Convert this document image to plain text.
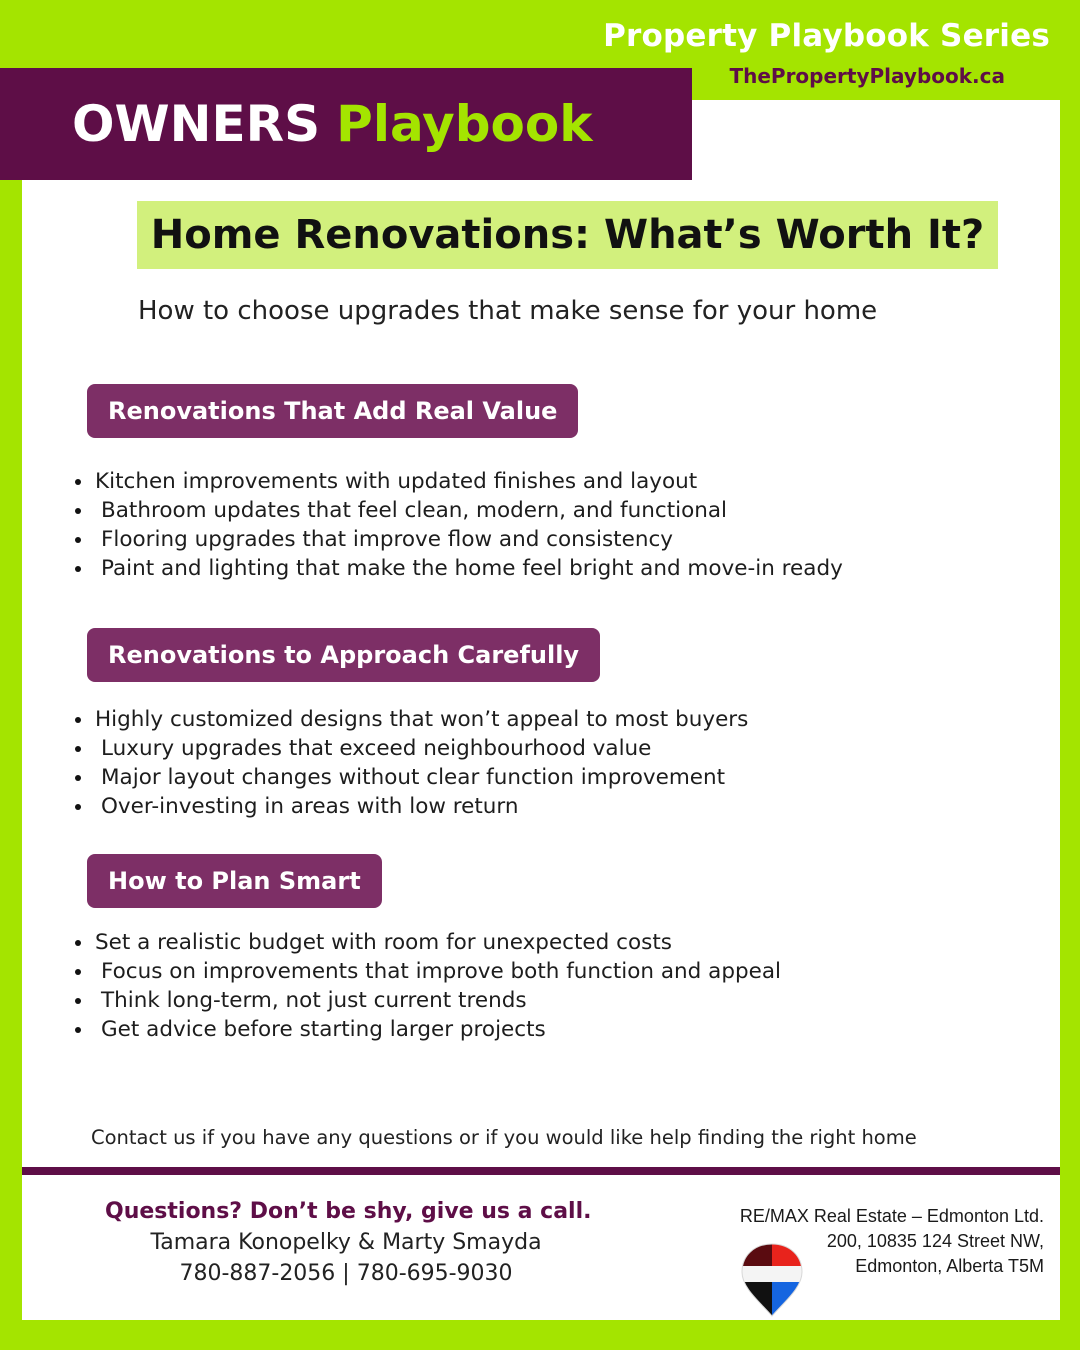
Property Playbook Series
ThePropertyPlaybook.ca
OWNERS Playbook
Home Renovations: What’s Worth It?
How to choose upgrades that make sense for your home
Renovations That Add Real Value
Kitchen improvements with updated finishes and layout
Bathroom updates that feel clean, modern, and functional
Flooring upgrades that improve flow and consistency
Paint and lighting that make the home feel bright and move-in ready
Renovations to Approach Carefully
Highly customized designs that won’t appeal to most buyers
Luxury upgrades that exceed neighbourhood value
Major layout changes without clear function improvement
Over-investing in areas with low return
How to Plan Smart
Set a realistic budget with room for unexpected costs
Focus on improvements that improve both function and appeal
Think long-term, not just current trends
Get advice before starting larger projects
Contact us if you have any questions or if you would like help finding the right home
Questions? Don’t be shy, give us a call.
Tamara Konopelky & Marty Smayda
780-887-2056 | 780-695-9030
RE/MAX Real Estate – Edmonton Ltd.
200, 10835 124 Street NW,
Edmonton, Alberta T5M
